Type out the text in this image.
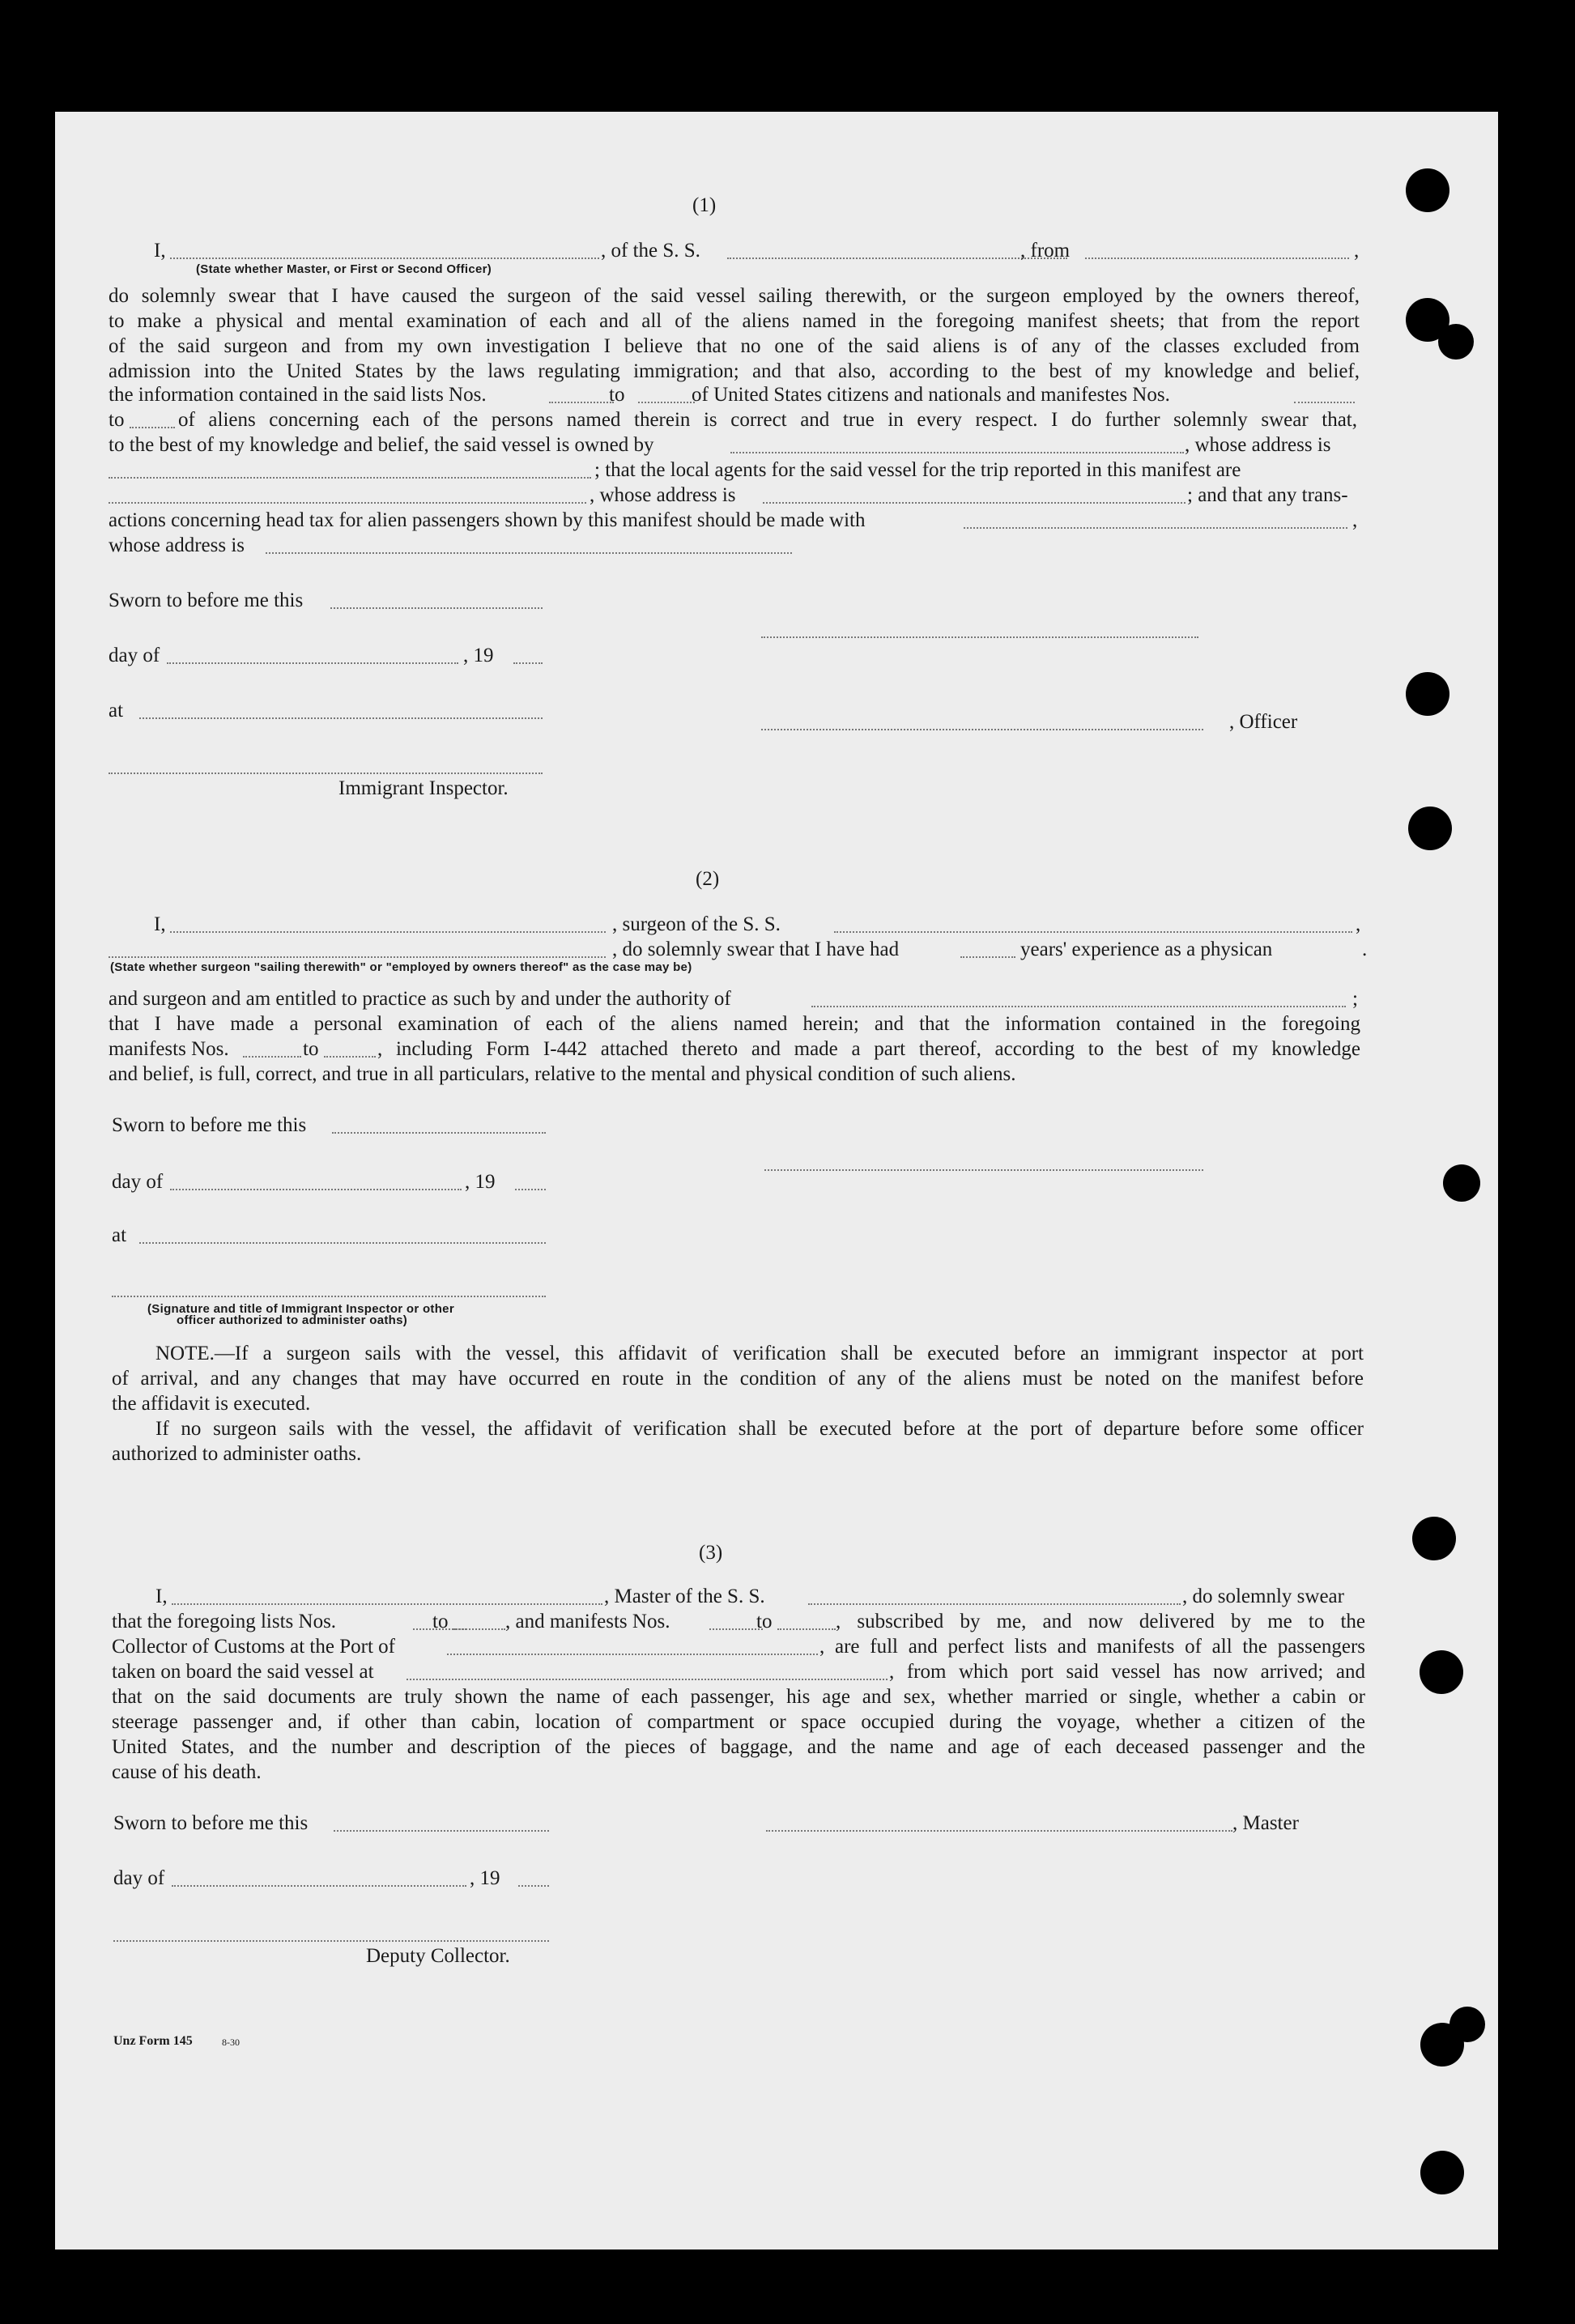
(1)
I,	, of the S. S.	, from	,
(State whether Master, or First or Second Officer)
do solemnly swear that I have caused the surgeon of the said vessel sailing therewith, or the surgeon employed by the owners thereof,
to make a physical and mental examination of each and all of the aliens named in the foregoing manifest sheets; that from the report
of the said surgeon and from my own investigation I believe that no one of the said aliens is of any of the classes excluded from
admission into the United States by the laws regulating immigration; and that also, according to the best of my knowledge and belief,
the information contained in the said lists Nos.	to	of United States citizens and nationals and manifestes Nos.
to	of aliens concerning each of the persons named therein is correct and true in every respect. I do further solemnly swear that,
to the best of my knowledge and belief, the said vessel is owned by	, whose address is
; that the local agents for the said vessel for the trip reported in this manifest are
, whose address is	; and that any trans-
actions concerning head tax for alien passengers shown by this manifest should be made with	,
whose address is
Sworn to before me this
day of	, 19
at
, Officer
Immigrant Inspector.
(2)
I,	, surgeon of the S. S.	,
, do solemnly swear that I have had	years' experience as a physican	.
(State whether surgeon "sailing therewith" or "employed by owners thereof" as the case may be)
and surgeon and am entitled to practice as such by and under the authority of	;
that I have made a personal examination of each of the aliens named herein; and that the information contained in the foregoing
manifests Nos.	to	, including Form I-442 attached thereto and made a part thereof, according to the best of my knowledge
and belief, is full, correct, and true in all particulars, relative to the mental and physical condition of such aliens.
Sworn to before me this
day of	, 19
at
(Signature and title of Immigrant Inspector or other
officer authorized to administer oaths)
NOTE.—If a surgeon sails with the vessel, this affidavit of verification shall be executed before an immigrant inspector at port
of arrival, and any changes that may have occurred en route in the condition of any of the aliens must be noted on the manifest before
the affidavit is executed.
If no surgeon sails with the vessel, the affidavit of verification shall be executed before at the port of departure before some officer
authorized to administer oaths.
(3)
I,	, Master of the S. S.	, do solemnly swear
that the foregoing lists Nos.	to	, and manifests Nos.	to	, subscribed by me, and now delivered by me to the
Collector of Customs at the Port of	, are full and perfect lists and manifests of all the passengers
taken on board the said vessel at	, from which port said vessel has now arrived; and
that on the said documents are truly shown the name of each passenger, his age and sex, whether married or single, whether a cabin or
steerage passenger and, if other than cabin, location of compartment or space occupied during the voyage, whether a citizen of the
United States, and the number and description of the pieces of baggage, and the name and age of each deceased passenger and the
cause of his death.
Sworn to before me this	, Master
day of	, 19
Deputy Collector.
Unz Form 145	8-30
